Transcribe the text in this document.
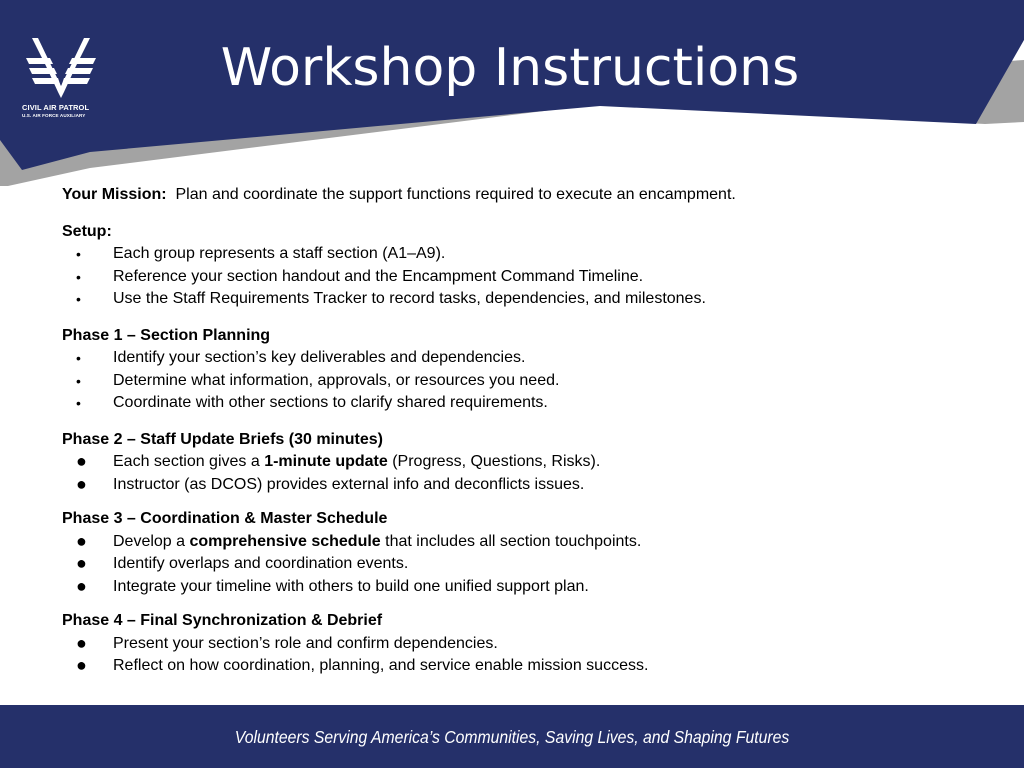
CIVIL AIR PATROL
U.S. AIR FORCE AUXILIARY
Workshop Instructions
Your Mission: Plan and coordinate the support functions required to execute an encampment.
Setup:
• Each group represents a staff section (A1–A9).
• Reference your section handout and the Encampment Command Timeline.
• Use the Staff Requirements Tracker to record tasks, dependencies, and milestones.
Phase 1 – Section Planning
• Identify your section’s key deliverables and dependencies.
• Determine what information, approvals, or resources you need.
• Coordinate with other sections to clarify shared requirements.
Phase 2 – Staff Update Briefs (30 minutes)
● Each section gives a 1-minute update (Progress, Questions, Risks).
● Instructor (as DCOS) provides external info and deconflicts issues.
Phase 3 – Coordination & Master Schedule
● Develop a comprehensive schedule that includes all section touchpoints.
● Identify overlaps and coordination events.
● Integrate your timeline with others to build one unified support plan.
Phase 4 – Final Synchronization & Debrief
● Present your section’s role and confirm dependencies.
● Reflect on how coordination, planning, and service enable mission success.
Volunteers Serving America’s Communities, Saving Lives, and Shaping Futures
